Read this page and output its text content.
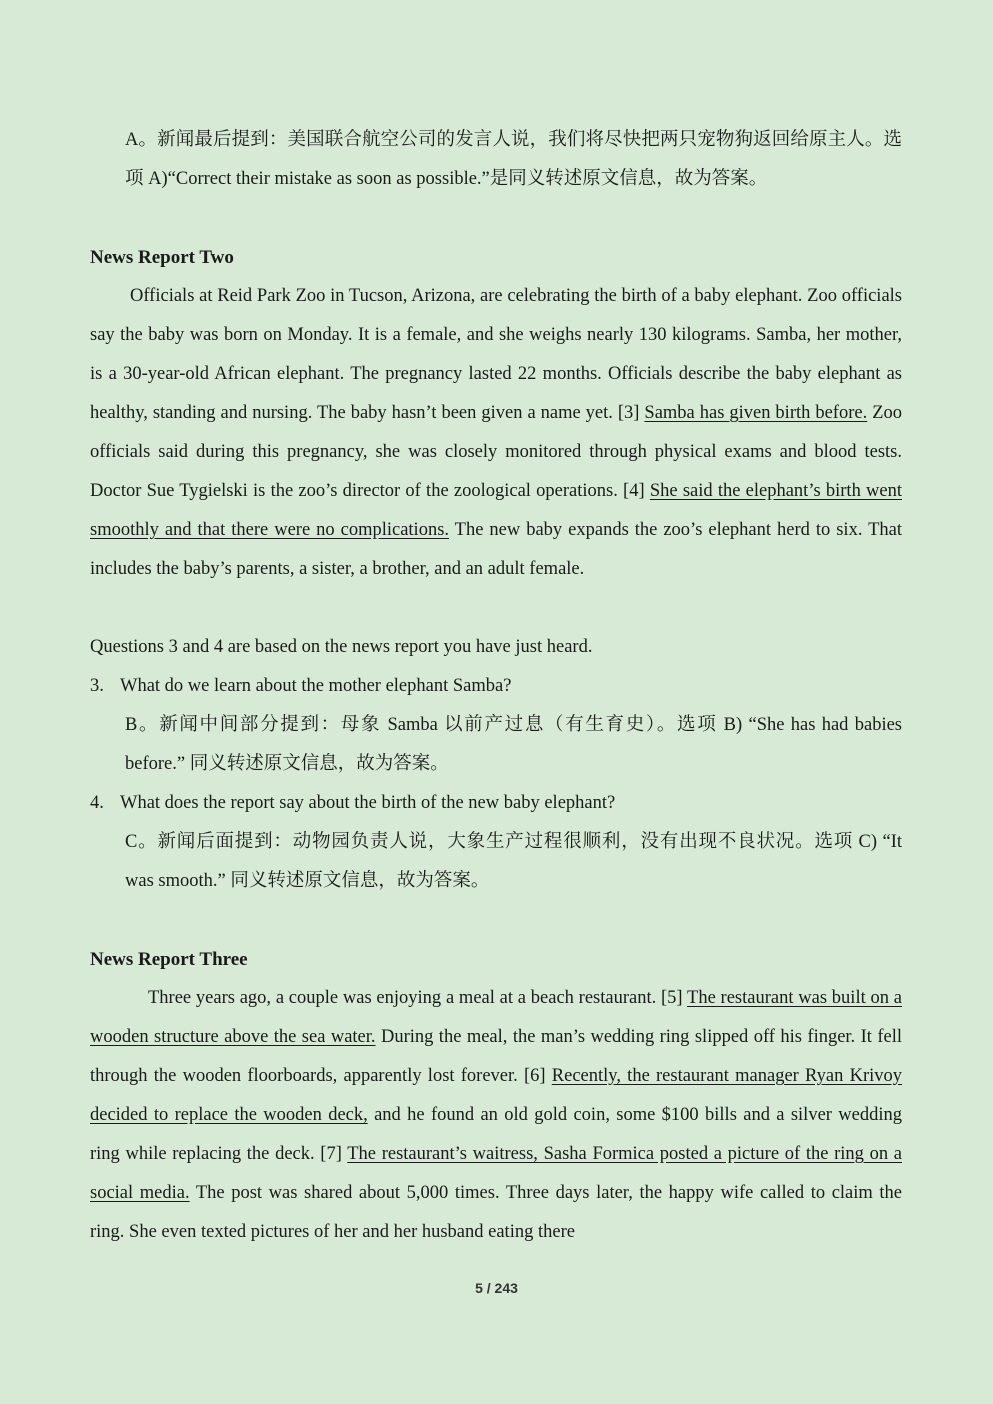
A。新闻最后提到：美国联合航空公司的发言人说，我们将尽快把两只宠物狗返回给原主人。选项 A)“Correct their mistake as soon as possible.”是同义转述原文信息，故为答案。

News Report Two

Officials at Reid Park Zoo in Tucson, Arizona, are celebrating the birth of a baby elephant. Zoo officials say the baby was born on Monday. It is a female, and she weighs nearly 130 kilograms. Samba, her mother, is a 30-year-old African elephant. The pregnancy lasted 22 months. Officials describe the baby elephant as healthy, standing and nursing. The baby hasn’t been given a name yet. [3] Samba has given birth before. Zoo officials said during this pregnancy, she was closely monitored through physical exams and blood tests. Doctor Sue Tygielski is the zoo’s director of the zoological operations. [4] She said the elephant’s birth went smoothly and that there were no complications. The new baby expands the zoo’s elephant herd to six. That includes the baby’s parents, a sister, a brother, and an adult female.

Questions 3 and 4 are based on the news report you have just heard.

3. What do we learn about the mother elephant Samba?

B。新闻中间部分提到：母象 Samba 以前产过息（有生育史）。选项 B) “She has had babies before.” 同义转述原文信息，故为答案。

4. What does the report say about the birth of the new baby elephant?

C。新闻后面提到：动物园负责人说，大象生产过程很顺利，没有出现不良状况。选项 C) “It was smooth.” 同义转述原文信息，故为答案。

News Report Three

Three years ago, a couple was enjoying a meal at a beach restaurant. [5] The restaurant was built on a wooden structure above the sea water. During the meal, the man’s wedding ring slipped off his finger. It fell through the wooden floorboards, apparently lost forever. [6] Recently, the restaurant manager Ryan Krivoy decided to replace the wooden deck, and he found an old gold coin, some $100 bills and a silver wedding ring while replacing the deck. [7] The restaurant’s waitress, Sasha Formica posted a picture of the ring on a social media. The post was shared about 5,000 times. Three days later, the happy wife called to claim the ring. She even texted pictures of her and her husband eating there

5 / 243
